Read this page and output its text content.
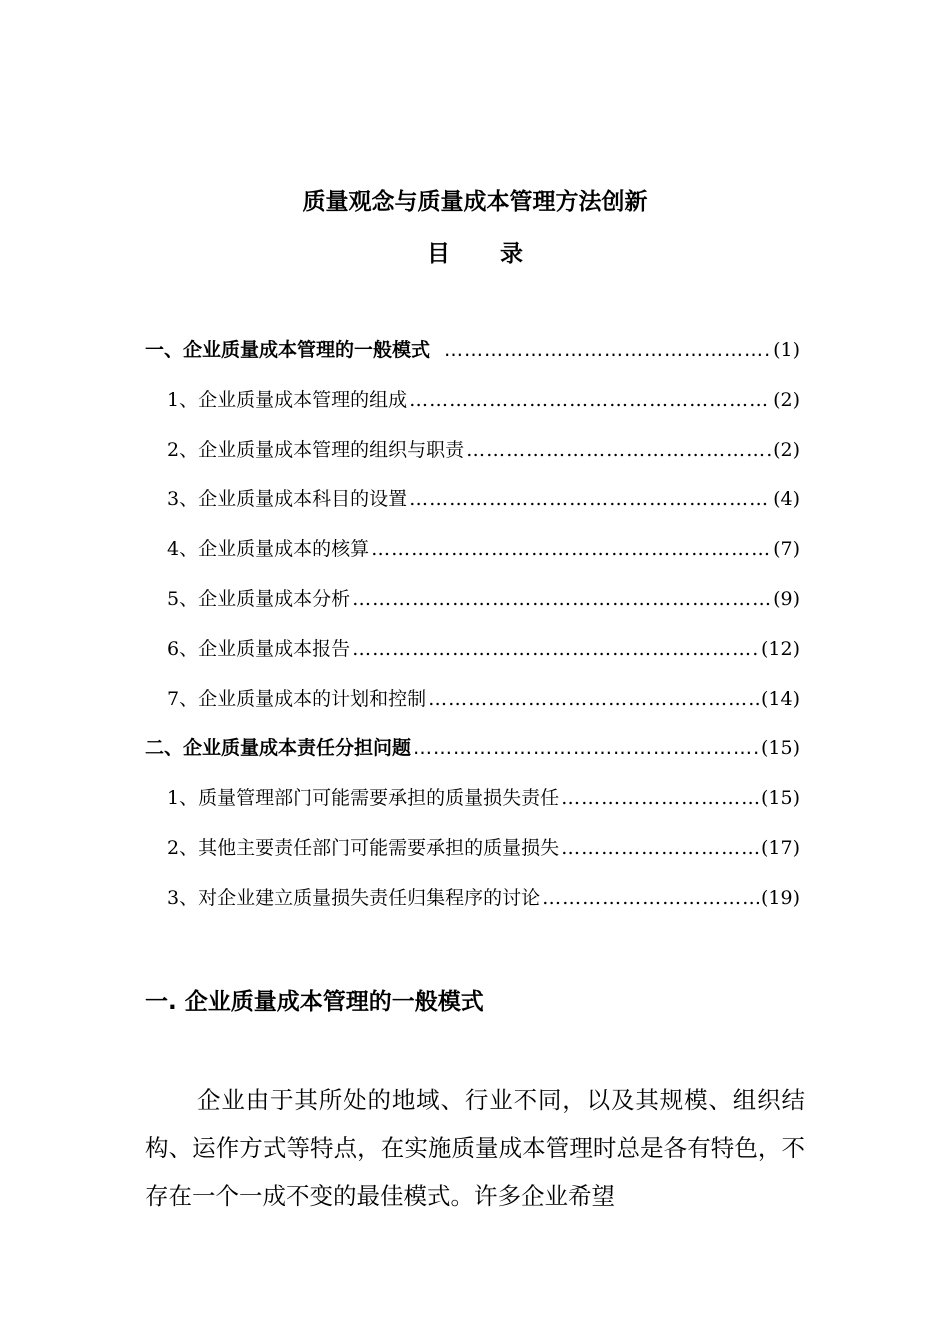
质量观念与质量成本管理方法创新
目录
一、企业质量成本管理的一般模式 …………………………………………………………………………………………………………………………………………	(1)
1、企业质量成本管理的组成 …………………………………………………………………………………………………………………………………………	(2)
2、企业质量成本管理的组织与职责 …………………………………………………………………………………………………………………………………………	(2)
3、企业质量成本科目的设置 …………………………………………………………………………………………………………………………………………	(4)
4、企业质量成本的核算 …………………………………………………………………………………………………………………………………………	(7)
5、企业质量成本分析 …………………………………………………………………………………………………………………………………………	(9)
6、企业质量成本报告 …………………………………………………………………………………………………………………………………………	(12)
7、企业质量成本的计划和控制 …………………………………………………………………………………………………………………………………………	(14)
二、企业质量成本责任分担问题 …………………………………………………………………………………………………………………………………………	(15)
1、质量管理部门可能需要承担的质量损失责任 …………………………………………………………………………………………………………………………………………	(15)
2、其他主要责任部门可能需要承担的质量损失 …………………………………………………………………………………………………………………………………………	(17)
3、对企业建立质量损失责任归集程序的讨论 …………………………………………………………………………………………………………………………………………	(19)
一. 企业质量成本管理的一般模式

企业由于其所处的地域、行业不同，以及其规模、组织结构、运作方式等特点，在实施质量成本管理时总是各有特色，不存在一个一成不变的最佳模式。许多企业希望
